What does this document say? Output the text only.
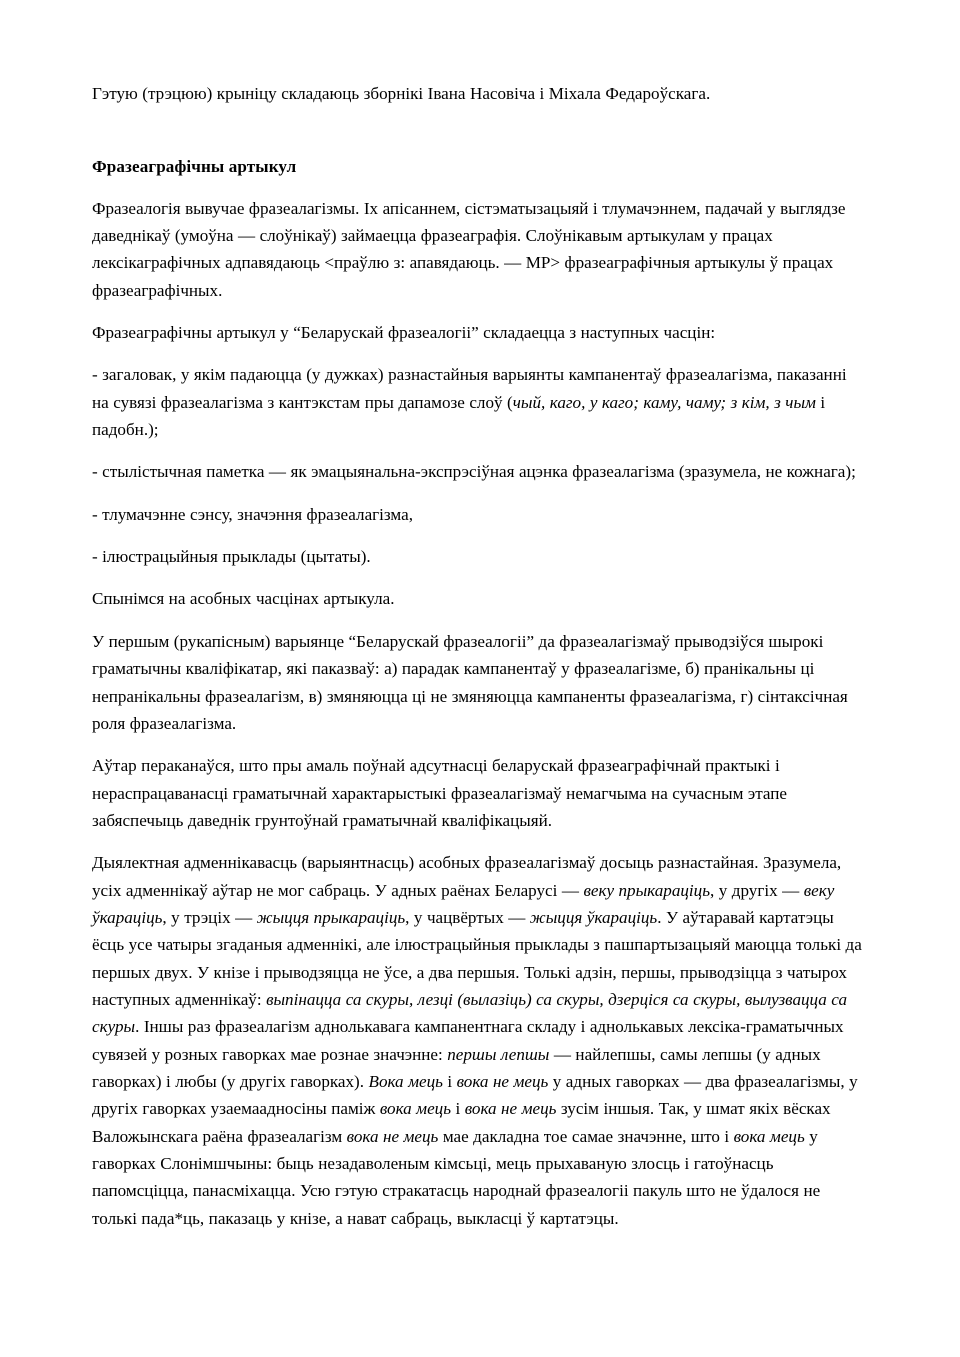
Гэтую (трэцюю) крыніцу складаюць зборнікі Івана Насовіча і Міхала Федароўскага.

Фразеаграфічны артыкул

Фразеалогія вывучае фразеалагізмы. Іх апісаннем, сістэматызацыяй і тлумачэннем, падачай у выглядзе даведнікаў (умоўна — слоўнікаў) займаецца фразеаграфія. Слоўнікавым артыкулам у працах лексікаграфічных адпавядаюць <праўлю з: апавядаюць. — МР> фразеаграфічныя артыкулы ў працах фразеаграфічных.

Фразеаграфічны артыкул у “Беларускай фразеалогіі” складаецца з наступных часцін:

- загаловак, у якім падаюцца (у дужках) разнастайныя варыянты кампанентаў фразеалагізма, паказанні на сувязі фразеалагізма з кантэкстам пры дапамозе слоў (чый, каго, у каго; каму, чаму; з кім, з чым і падобн.);

- стылістычная паметка — як эмацыянальна-экспрэсіўная ацэнка фразеалагізма (зразумела, не кожнага);

- тлумачэнне сэнсу, значэння фразеалагізма,

- ілюстрацыйныя прыклады (цытаты).

Спынімся на асобных часцінах артыкула.

У першым (рукапісным) варыянце “Беларускай фразеалогіі” да фразеалагізмаў прыводзіўся шырокі граматычны кваліфікатар, які паказваў: а) парадак кампанентаў у фразеалагізме, б) пранікальны ці непранікальны фразеалагізм, в) змяняюцца ці не змяняюцца кампаненты фразеалагізма, г) сінтаксічная роля фразеалагізма.

Аўтар пераканаўся, што пры амаль поўнай адсутнасці беларускай фразеаграфічнай практыкі і нераспрацаванасці граматычнай характарыстыкі фразеалагізмаў немагчыма на сучасным этапе забяспечыць даведнік грунтоўнай граматычнай кваліфікацыяй.

Дыялектная адменнікавасць (варыянтнасць) асобных фразеалагізмаў досыць разнастайная. Зразумела, усіх адменнікаў аўтар не мог сабраць. У адных раёнах Беларусі — веку прыкараціць, у другіх — веку ўкараціць, у трэціх — жыцця прыкараціць, у чацвёртых — жыцця ўкараціць. У аўтаравай картатэцы ёсць усе чатыры згаданыя адменнікі, але ілюстрацыйныя прыклады з пашпартызацыяй маюцца толькі да першых двух. У кнізе і прыводзяцца не ўсе, а два першыя. Толькі адзін, першы, прыводзіцца з чатырох наступных адменнікаў: выпінацца са скуры, лезці (вылазіць) са скуры, дзерціся са скуры, вылузвацца са скуры. Іншы раз фразеалагізм аднолькавага кампанентнага складу і аднолькавых лексіка-граматычных сувязей у розных гаворках мае рознае значэнне: першы лепшы — найлепшы, самы лепшы (у адных гаворках) і любы (у другіх гаворках). Вока мець і вока не мець у адных гаворках — два фразеалагізмы, у другіх гаворках узаемаадносіны паміж вока мець і вока не мець зусім іншыя. Так, у шмат якіх вёсках Валожынскага раёна фразеалагізм вока не мець мае дакладна тое самае значэнне, што і вока мець у гаворках Слонімшчыны: быць незадаволеным кімсьці, мець прыхаваную злосць і гатоўнасць папомсціцца, панасміхацца. Усю гэтую стракатасць народнай фразеалогіі пакуль што не ўдалося не толькі пада*ць, паказаць у кнізе, а нават сабраць, выкласці ў картатэцы.
